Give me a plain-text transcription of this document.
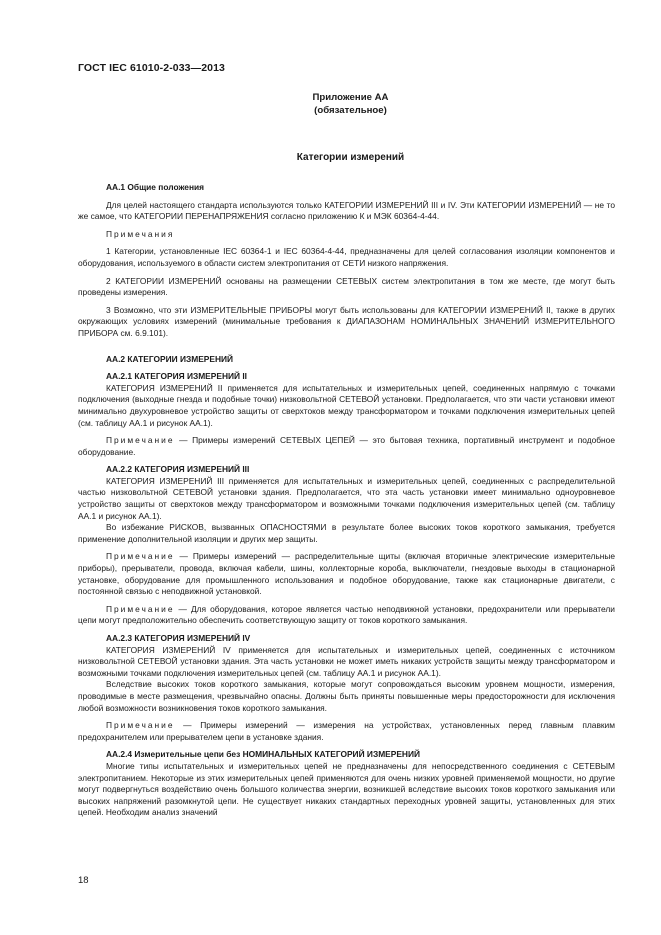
ГОСТ IEC 61010-2-033—2013
Приложение АА
(обязательное)
Категории измерений

АА.1 Общие положения

Для целей настоящего стандарта используются только КАТЕГОРИИ ИЗМЕРЕНИЙ III и IV. Эти КАТЕГОРИИ ИЗМЕРЕНИЙ — не то же самое, что КАТЕГОРИИ ПЕРЕНАПРЯЖЕНИЯ согласно приложению К и МЭК 60364-4-44.

Примечания

1 Категории, установленные IEC 60364-1 и IEC 60364-4-44, предназначены для целей согласования изоляции компонентов и оборудования, используемого в области систем электропитания от СЕТИ низкого напряжения.

2 КАТЕГОРИИ ИЗМЕРЕНИЙ основаны на размещении СЕТЕВЫХ систем электропитания в том же месте, где могут быть проведены измерения.

3 Возможно, что эти ИЗМЕРИТЕЛЬНЫЕ ПРИБОРЫ могут быть использованы для КАТЕГОРИИ ИЗМЕРЕНИЙ II, также в других окружающих условиях измерений (минимальные требования к ДИАПАЗОНАМ НОМИНАЛЬНЫХ ЗНАЧЕНИЙ ИЗМЕРИТЕЛЬНОГО ПРИБОРА см. 6.9.101).

АА.2 КАТЕГОРИИ ИЗМЕРЕНИЙ

АА.2.1 КАТЕГОРИЯ ИЗМЕРЕНИЙ II

КАТЕГОРИЯ ИЗМЕРЕНИЙ II применяется для испытательных и измерительных цепей, соединенных напрямую с точками подключения (выходные гнезда и подобные точки) низковольтной СЕТЕВОЙ установки. Предполагается, что эти части установки имеют минимально двухуровневое устройство защиты от сверхтоков между трансформатором и точками подключения измерительных цепей (см. таблицу АА.1 и рисунок АА.1).

Примечание — Примеры измерений СЕТЕВЫХ ЦЕПЕЙ — это бытовая техника, портативный инструмент и подобное оборудование.

АА.2.2 КАТЕГОРИЯ ИЗМЕРЕНИЙ III

КАТЕГОРИЯ ИЗМЕРЕНИЙ III применяется для испытательных и измерительных цепей, соединенных с распределительной частью низковольтной СЕТЕВОЙ установки здания. Предполагается, что эта часть установки имеет минимально одноуровневое устройство защиты от сверхтоков между трансформатором и возможными точками подключения измерительных цепей (см. таблицу АА.1 и рисунок АА.1).

Во избежание РИСКОВ, вызванных ОПАСНОСТЯМИ в результате более высоких токов короткого замыкания, требуется применение дополнительной изоляции и других мер защиты.

Примечание — Примеры измерений — распределительные щиты (включая вторичные электрические измерительные приборы), прерыватели, провода, включая кабели, шины, коллекторные короба, выключатели, гнездовые выходы в стационарной установке, оборудование для промышленного использования и подобное оборудование, также как стационарные двигатели, с постоянной связью с неподвижной установкой.

Примечание — Для оборудования, которое является частью неподвижной установки, предохранители или прерыватели цепи могут предположительно обеспечить соответствующую защиту от токов короткого замыкания.

АА.2.3 КАТЕГОРИЯ ИЗМЕРЕНИЙ IV

КАТЕГОРИЯ ИЗМЕРЕНИЙ IV применяется для испытательных и измерительных цепей, соединенных с источником низковольтной СЕТЕВОЙ установки здания. Эта часть установки не может иметь никаких устройств защиты между трансформатором и возможными точками подключения измерительных цепей (см. таблицу АА.1 и рисунок АА.1).

Вследствие высоких токов короткого замыкания, которые могут сопровождаться высоким уровнем мощности, измерения, проводимые в месте размещения, чрезвычайно опасны. Должны быть приняты повышенные меры предосторожности для исключения любой возможности возникновения токов короткого замыкания.

Примечание — Примеры измерений — измерения на устройствах, установленных перед главным плавким предохранителем или прерывателем цепи в установке здания.

АА.2.4 Измерительные цепи без НОМИНАЛЬНЫХ КАТЕГОРИЙ ИЗМЕРЕНИЙ

Многие типы испытательных и измерительных цепей не предназначены для непосредственного соединения с СЕТЕВЫМ электропитанием. Некоторые из этих измерительных цепей применяются для очень низких уровней применяемой мощности, но другие могут подвергнуться воздействию очень большого количества энергии, возникшей вследствие высоких токов короткого замыкания или высоких напряжений разомкнутой цепи. Не существует никаких стандартных переходных уровней защиты, установленных для этих цепей. Необходим анализ значений

18
